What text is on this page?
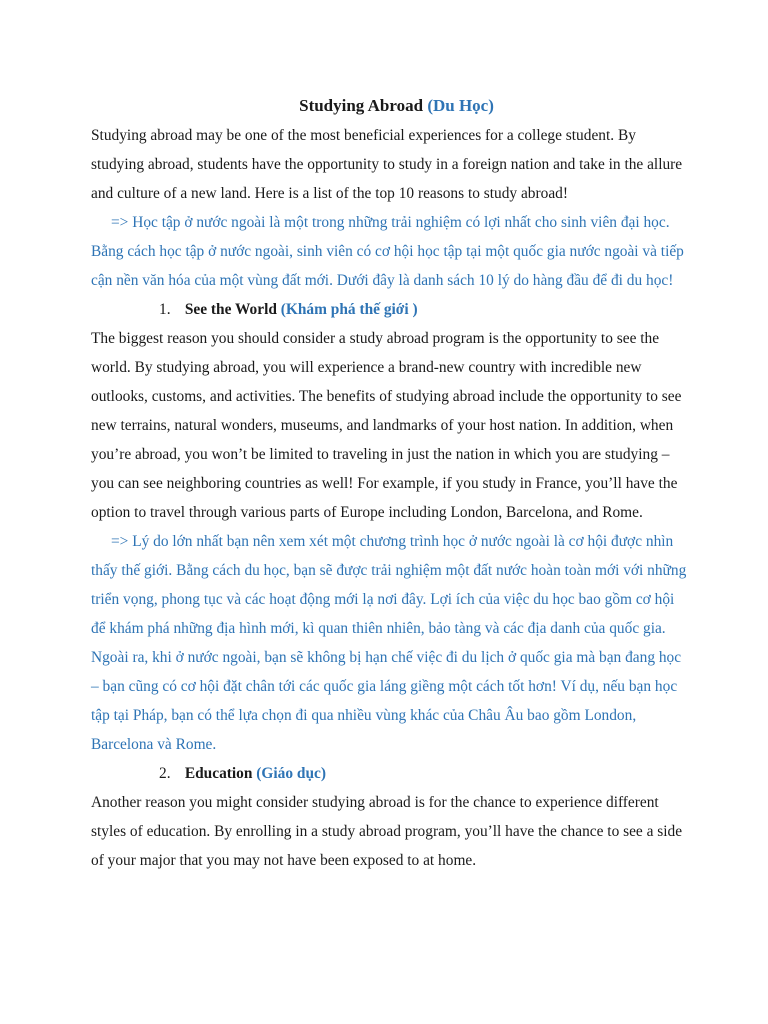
Studying Abroad (Du Học)

Studying abroad may be one of the most beneficial experiences for a college student. By studying abroad, students have the opportunity to study in a foreign nation and take in the allure and culture of a new land. Here is a list of the top 10 reasons to study abroad!

=> Học tập ở nước ngoài là một trong những trải nghiệm có lợi nhất cho sinh viên đại học. Bằng cách học tập ở nước ngoài, sinh viên có cơ hội học tập tại một quốc gia nước ngoài và tiếp cận nền văn hóa của một vùng đất mới. Dưới đây là danh sách 10 lý do hàng đầu để đi du học!

1. See the World (Khám phá thế giới )

The biggest reason you should consider a study abroad program is the opportunity to see the world. By studying abroad, you will experience a brand-new country with incredible new outlooks, customs, and activities. The benefits of studying abroad include the opportunity to see new terrains, natural wonders, museums, and landmarks of your host nation. In addition, when you’re abroad, you won’t be limited to traveling in just the nation in which you are studying – you can see neighboring countries as well! For example, if you study in France, you’ll have the option to travel through various parts of Europe including London, Barcelona, and Rome.

=> Lý do lớn nhất bạn nên xem xét một chương trình học ở nước ngoài là cơ hội được nhìn thấy thế giới. Bằng cách du học, bạn sẽ được trải nghiệm một đất nước hoàn toàn mới với những triển vọng, phong tục và các hoạt động mới lạ nơi đây. Lợi ích của việc du học bao gồm cơ hội để khám phá những địa hình mới, kì quan thiên nhiên, bảo tàng và các địa danh của quốc gia. Ngoài ra, khi ở nước ngoài, bạn sẽ không bị hạn chế việc đi du lịch ở quốc gia mà bạn đang học – bạn cũng có cơ hội đặt chân tới các quốc gia láng giềng một cách tốt hơn! Ví dụ, nếu bạn học tập tại Pháp, bạn có thể lựa chọn đi qua nhiều vùng khác của Châu Âu bao gồm London, Barcelona và Rome.

2. Education (Giáo dục)

Another reason you might consider studying abroad is for the chance to experience different styles of education. By enrolling in a study abroad program, you’ll have the chance to see a side of your major that you may not have been exposed to at home.
